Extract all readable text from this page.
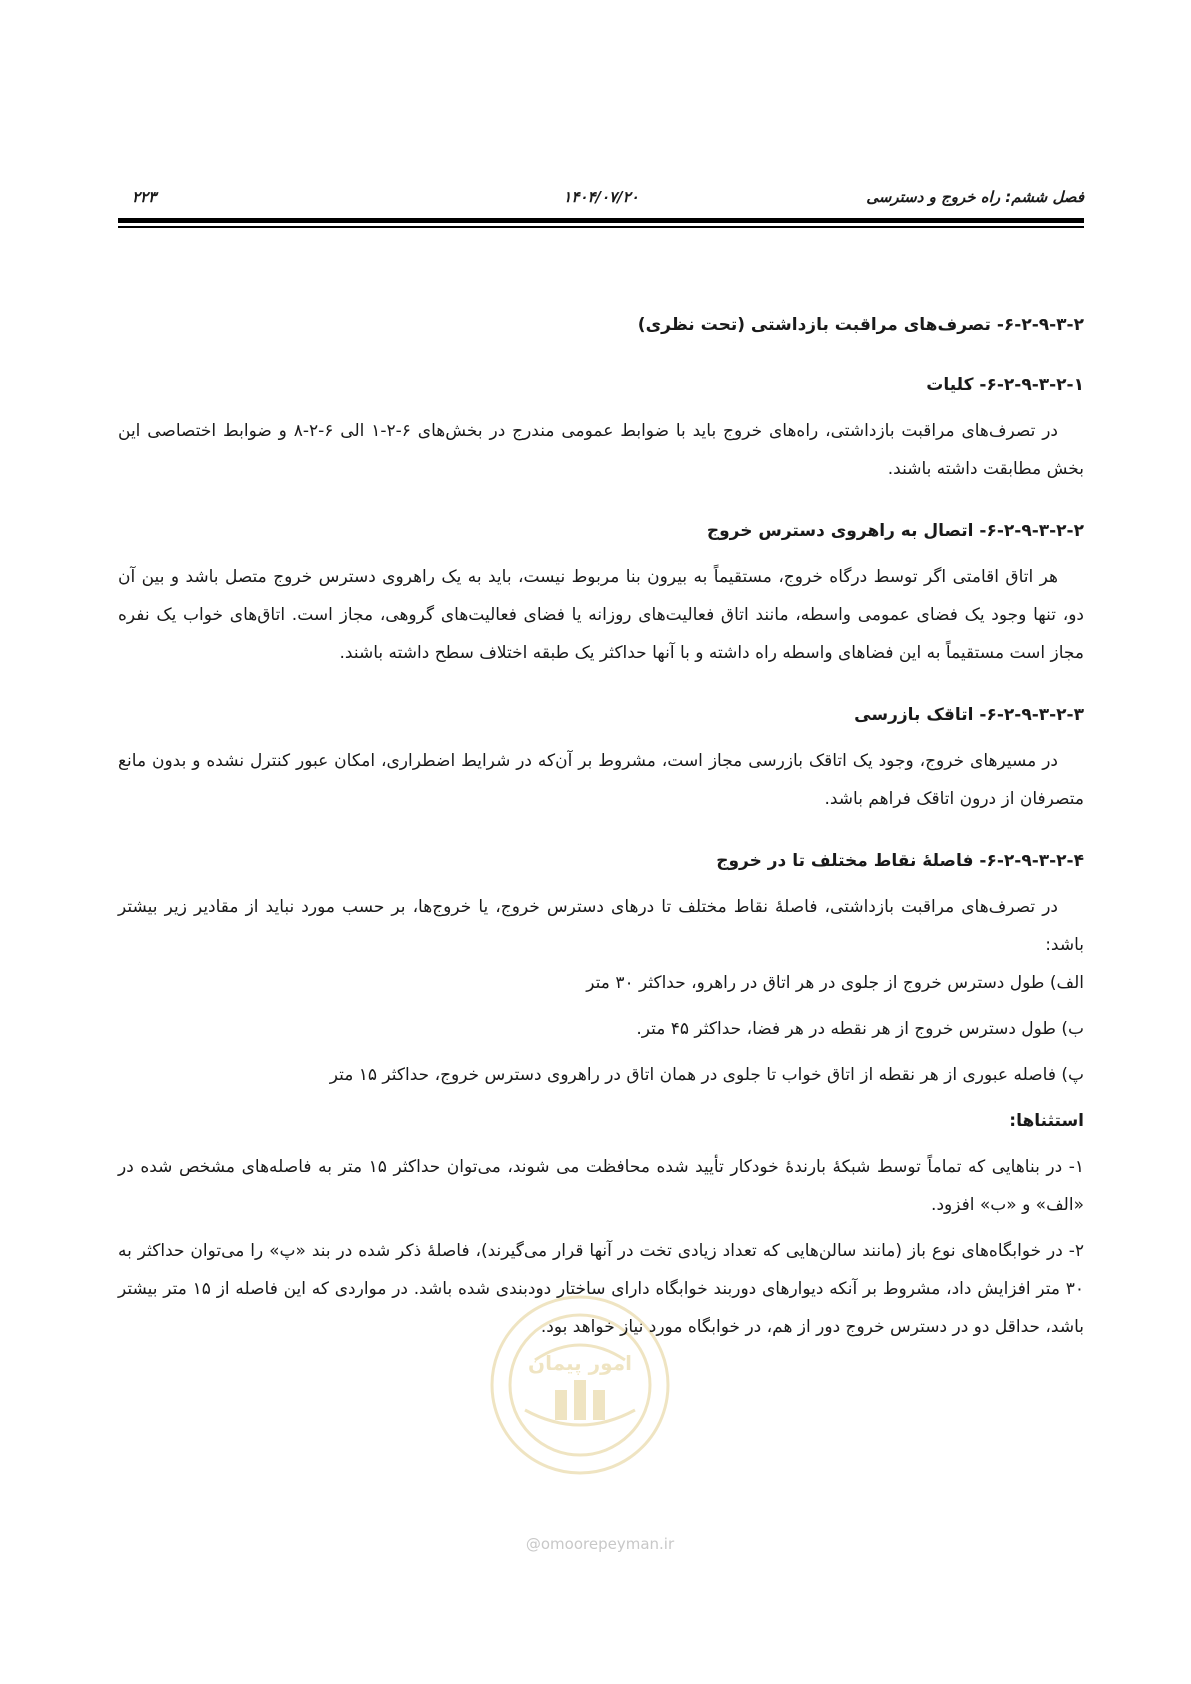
فصل ششم: راه خروج و دسترسی
۱۴۰۴/۰۷/۲۰
۲۲۳
امور پیمان
@omoorepeyman.ir

۶-۲-۹-۳-۲- تصرف‌های مراقبت بازداشتی (تحت نظری)

۶-۲-۹-۳-۲-۱- کلیات

در تصرف‌های مراقبت بازداشتی، راه‌های خروج باید با ضوابط عمومی مندرج در بخش‌های ۶-۲-۱ الی ۶-۲-۸ و ضوابط اختصاصی این بخش مطابقت داشته باشند.

۶-۲-۹-۳-۲-۲- اتصال به راهروی دسترس خروج

هر اتاق اقامتی اگر توسط درگاه خروج، مستقیماً به بیرون بنا مربوط نیست، باید به یک راهروی دسترس خروج متصل باشد و بین آن دو، تنها وجود یک فضای عمومی واسطه، مانند اتاق فعالیت‌های روزانه یا فضای فعالیت‌های گروهی، مجاز است. اتاق‌های خواب یک نفره مجاز است مستقیماً به این فضاهای واسطه راه داشته و با آنها حداکثر یک طبقه اختلاف سطح داشته باشند.

۶-۲-۹-۳-۲-۳- اتاقک بازرسی

در مسیرهای خروج، وجود یک اتاقک بازرسی مجاز است، مشروط بر آن‌که در شرایط اضطراری، امکان عبور کنترل نشده و بدون مانع متصرفان از درون اتاقک فراهم باشد.

۶-۲-۹-۳-۲-۴- فاصلهٔ نقاط مختلف تا در خروج

در تصرف‌های مراقبت بازداشتی، فاصلهٔ نقاط مختلف تا درهای دسترس خروج، یا خروج‌ها، بر حسب مورد نباید از مقادیر زیر بیشتر باشد:

الف) طول دسترس خروج از جلوی در هر اتاق در راهرو، حداکثر ۳۰ متر

ب) طول دسترس خروج از هر نقطه در هر فضا، حداکثر ۴۵ متر.

پ) فاصله عبوری از هر نقطه از اتاق خواب تا جلوی در همان اتاق در راهروی دسترس خروج، حداکثر ۱۵ متر

استثناها:

۱- در بناهایی که تماماً توسط شبکهٔ بارندهٔ خودکار تأیید شده محافظت می شوند، می‌توان حداکثر ۱۵ متر به فاصله‌های مشخص شده در «الف» و «ب» افزود.

۲- در خوابگاه‌های نوع باز (مانند سالن‌هایی که تعداد زیادی تخت در آنها قرار می‌گیرند)، فاصلهٔ ذکر شده در بند «پ» را می‌توان حداکثر به ۳۰ متر افزایش داد، مشروط بر آنکه دیوارهای دوربند خوابگاه دارای ساختار دودبندی شده باشد. در مواردی که این فاصله از ۱۵ متر بیشتر باشد، حداقل دو در دسترس خروج دور از هم، در خوابگاه مورد نیاز خواهد بود.
